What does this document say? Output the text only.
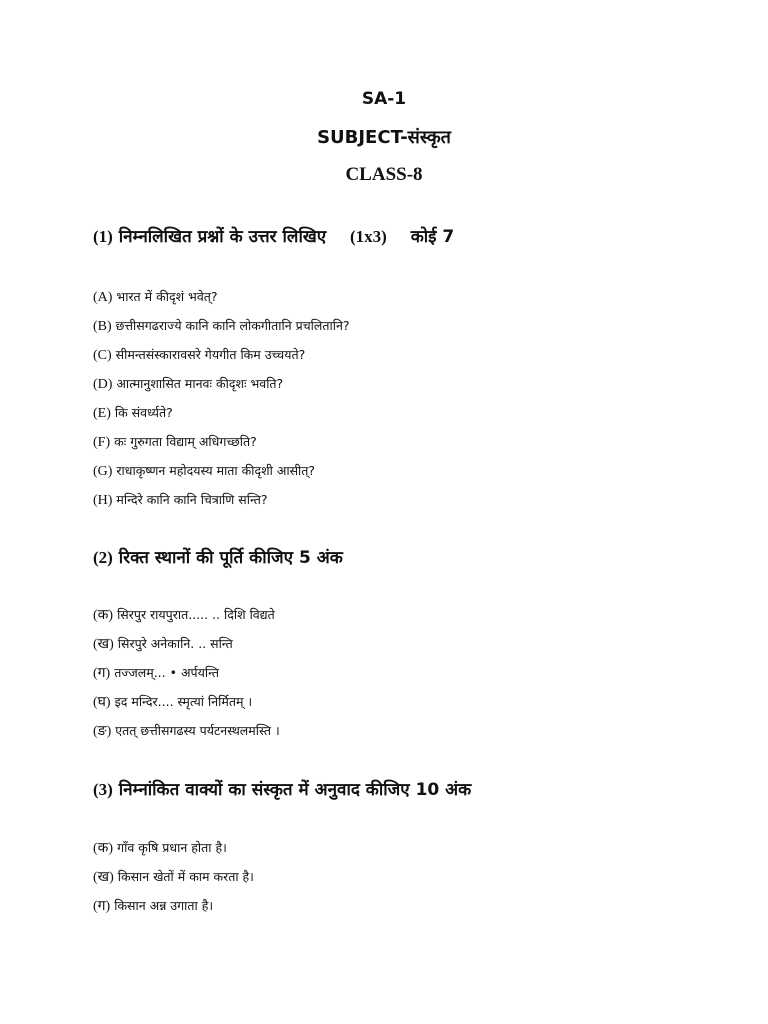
SA-1
SUBJECT-संस्कृत
CLASS-8
(1) निम्नलिखित प्रश्नों के उत्तर लिखिए (1x3) कोई 7
(A) भारत में कीदृशं भवेत्?
(B) छत्तीसगढराज्ये कानि कानि लोकगीतानि प्रचलितानि?
(C) सीमन्तसंस्कारावसरे गेयगीत किम उच्चयते?
(D) आत्मानुशासित मानवः कीदृशः भवति?
(E) कि संवर्ध्यते?
(F) कः गुरुगता विद्याम् अधिगच्छति?
(G) राधाकृष्णन महोदयस्य माता कीदृशी आसीत्?
(H) मन्दिरे कानि कानि चित्राणि सन्ति?
(2) रिक्त स्थानों की पूर्ति कीजिए 5 अंक
(क) सिरपुर रायपुरात..... .. दिशि विद्यते
(ख) सिरपुरे अनेकानि. .. सन्ति
(ग) तज्जलम्... • अर्पयन्ति
(घ) इद मन्दिर.... स्मृत्यां निर्मितम् ।
(ङ) एतत् छत्तीसगढस्य पर्यटनस्थलमस्ति ।
(3) निम्नांकित वाक्यों का संस्कृत में अनुवाद कीजिए 10 अंक
(क) गाँव कृषि प्रधान होता है।
(ख) किसान खेतों में काम करता है।
(ग) किसान अन्न उगाता है।
